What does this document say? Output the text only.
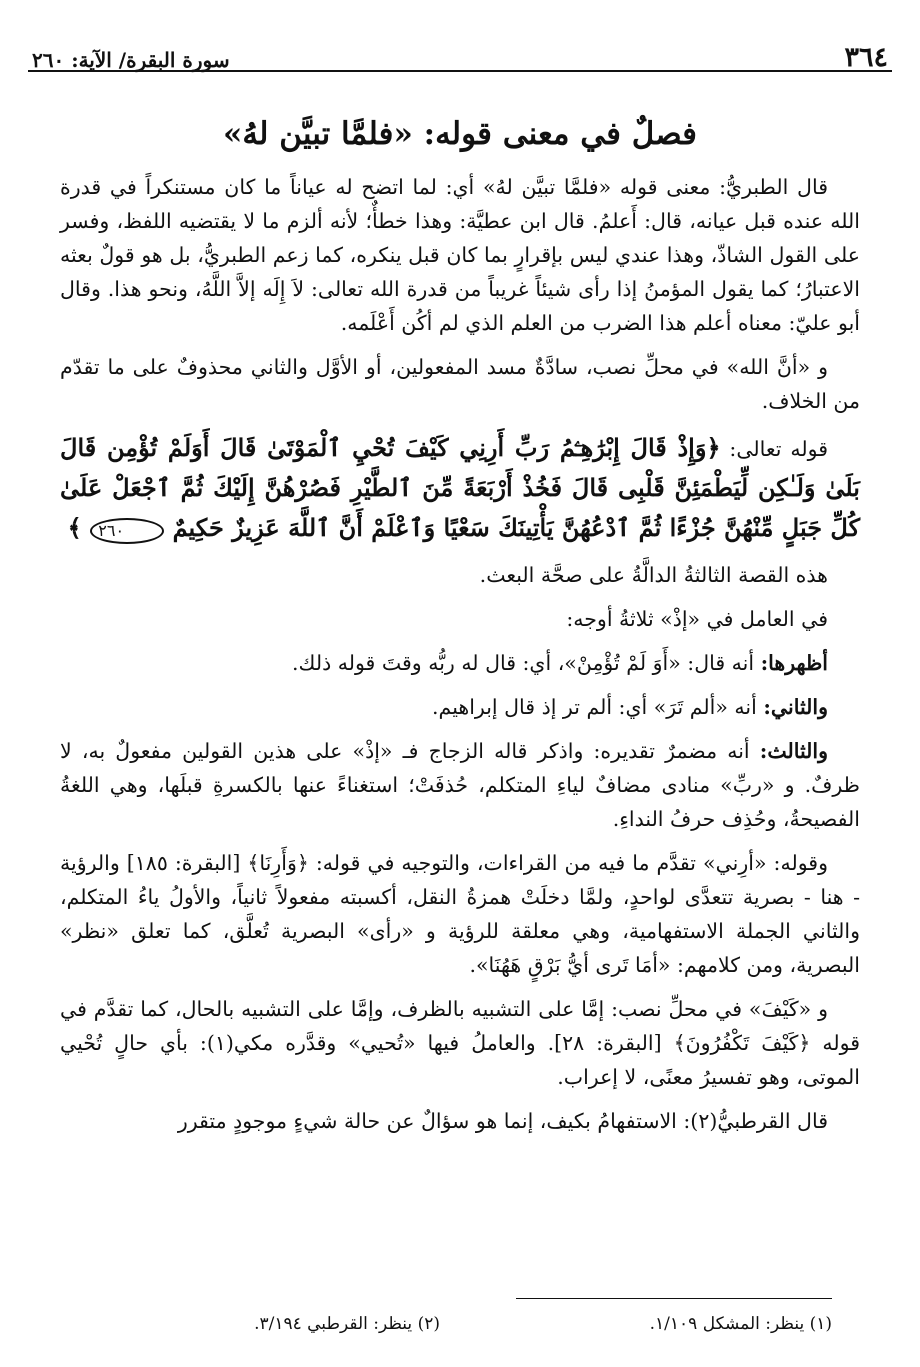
٣٦٤
سورة البقرة/ الآية: ٢٦٠
فصلٌ في معنى قوله: «فلمَّا تبيَّن لهُ»

قال الطبريُّ: معنى قوله «فلمَّا تبيَّن لهُ» أي: لما اتضح له عياناً ما كان مستنكراً في قدرة الله عنده قبل عيانه، قال: أَعلمُ. قال ابن عطيَّة: وهذا خطأٌ؛ لأنه ألزم ما لا يقتضيه اللفظ، وفسر على القول الشاذّ، وهذا عندي ليس بإقرارٍ بما كان قبل ينكره، كما زعم الطبريُّ، بل هو قولٌ بعثه الاعتبارُ؛ كما يقول المؤمنُ إذا رأى شيئاً غريباً من قدرة الله تعالى: لاَ إِلَه إلاَّ اللَّهُ، ونحو هذا. وقال أبو عليّ: معناه أعلم هذا الضرب من العلم الذي لم أكُن أَعْلَمه.

و «أنَّ الله» في محلِّ نصب، سادَّةٌ مسد المفعولين، أو الأوَّل والثاني محذوفٌ على ما تقدّم من الخلاف.

قوله تعالى: ﴿وَإِذْ قَالَ إِبْرَٰهِـۧمُ رَبِّ أَرِنِي كَيْفَ تُحْيِ ٱلْمَوْتَىٰ قَالَ أَوَلَمْ تُؤْمِن قَالَ بَلَىٰ وَلَـٰكِن لِّيَطْمَئِنَّ قَلْبِى قَالَ فَخُذْ أَرْبَعَةً مِّنَ ٱلطَّيْرِ فَصُرْهُنَّ إِلَيْكَ ثُمَّ ٱجْعَلْ عَلَىٰ كُلِّ جَبَلٍ مِّنْهُنَّ جُزْءًا ثُمَّ ٱدْعُهُنَّ يَأْتِينَكَ سَعْيًا وَٱعْلَمْ أَنَّ ٱللَّهَ عَزِيزٌ حَكِيمٌ ٢٦٠ ﴾

هذه القصة الثالثةُ الدالَّةُ على صحَّة البعث.

في العامل في «إذْ» ثلاثةُ أوجه:

أظهرها: أنه قال: «أَوَ لَمْ تُؤْمِنْ»، أي: قال له ربُّه وقتَ قوله ذلك.

والثاني: أنه «ألم تَرَ» أي: ألم تر إذ قال إبراهيم.

والثالث: أنه مضمرٌ تقديره: واذكر قاله الزجاج فـ «إذْ» على هذين القولين مفعولٌ به، لا ظرفٌ. و «ربِّ» منادى مضافٌ لياءِ المتكلم، حُذفَتْ؛ استغناءً عنها بالكسرةِ قبلَها، وهي اللغةُ الفصيحةُ، وحُذِف حرفُ النداءِ.

وقوله: «أرِني» تقدَّم ما فيه من القراءات، والتوجيه في قوله: ﴿وَأَرِنَا﴾ [البقرة: ١٨٥] والرؤية - هنا - بصرية تتعدَّى لواحدٍ، ولمَّا دخلَتْ همزةُ النقل، أكسبته مفعولاً ثانياً، والأولُ ياءُ المتكلم، والثاني الجملة الاستفهامية، وهي معلقة للرؤية و «رأى» البصرية تُعلَّق، كما تعلق «نظر» البصرية، ومن كلامهم: «أمَا تَرى أيُّ بَرْقٍ هَهُنَا».

و «كَيْفَ» في محلِّ نصب: إمَّا على التشبيه بالظرف، وإمَّا على التشبيه بالحال، كما تقدَّم في قوله ﴿كَيْفَ تَكْفُرُونَ﴾ [البقرة: ٢٨]. والعاملُ فيها «تُحيي» وقدَّره مكي(١): بأي حالٍ تُحْيي الموتى، وهو تفسيرُ معنًى، لا إعراب.

قال القرطبيُّ(٢): الاستفهامُ بكيف، إنما هو سؤالٌ عن حالة شيءٍ موجودٍ متقرر

(١) ينظر: المشكل ١/١٠٩.
(٢) ينظر: القرطبي ٣/١٩٤.
